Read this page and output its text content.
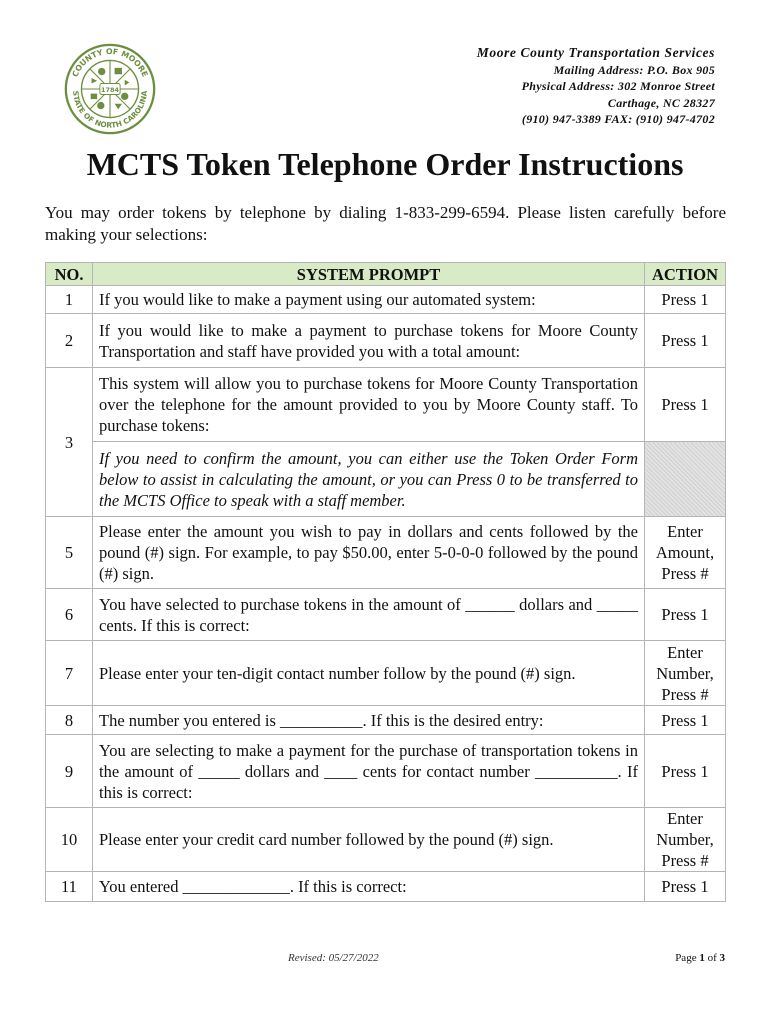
COUNTY OF MOORE
STATE OF NORTH CAROLINA
1784
Moore County Transportation Services
Mailing Address: P.O. Box 905
Physical Address: 302 Monroe Street
Carthage, NC 28327
(910) 947-3389 FAX: (910) 947-4702
MCTS Token Telephone Order Instructions
You may order tokens by telephone by dialing 1-833-299-6594. Please listen carefully before making your selections:
NO.	SYSTEM PROMPT	ACTION
1	If you would like to make a payment using our automated system:	Press 1
2	If you would like to make a payment to purchase tokens for Moore County Transportation and staff have provided you with a total amount:	Press 1
3	This system will allow you to purchase tokens for Moore County Transportation over the telephone for the amount provided to you by Moore County staff. To purchase tokens:	Press 1
	If you need to confirm the amount, you can either use the Token Order Form below to assist in calculating the amount, or you can Press 0 to be transferred to the MCTS Office to speak with a staff member.	
5	Please enter the amount you wish to pay in dollars and cents followed by the pound (#) sign. For example, to pay $50.00, enter 5-0-0-0 followed by the pound (#) sign.	Enter Amount, Press #
6	You have selected to purchase tokens in the amount of ______ dollars and _____ cents. If this is correct:	Press 1
7	Please enter your ten-digit contact number follow by the pound (#) sign.	Enter Number, Press #
8	The number you entered is __________. If this is the desired entry:	Press 1
9	You are selecting to make a payment for the purchase of transportation tokens in the amount of _____ dollars and ____ cents for contact number __________. If this is correct:	Press 1
10	Please enter your credit card number followed by the pound (#) sign.	Enter Number, Press #
11	You entered _____________. If this is correct:	Press 1
Revised: 05/27/2022	Page 1 of 3
